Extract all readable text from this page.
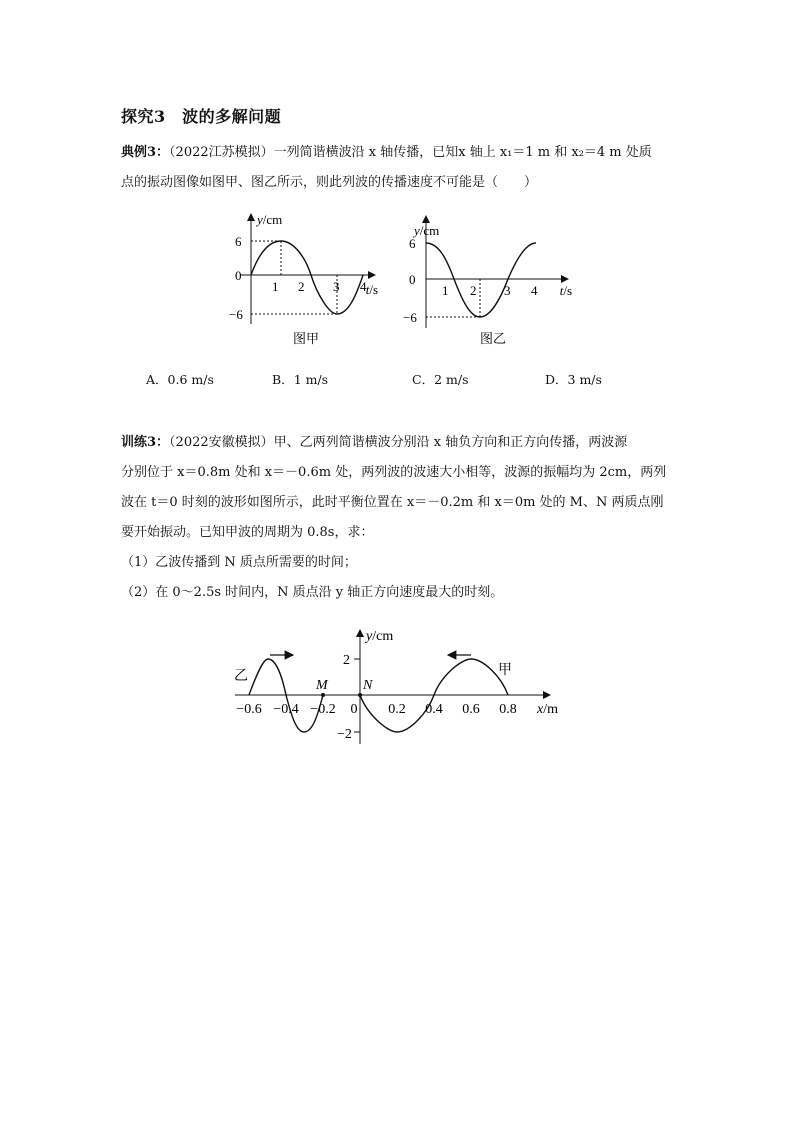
探究3　波的多解问题
典例3：（2022江苏模拟）一列简谐横波沿 x 轴传播，已知x 轴上 x₁＝1 m 和 x₂＝4 m 处质
点的振动图像如图甲、图乙所示，则此列波的传播速度不可能是（　　）
y/cm
6
0
−6
1 2 3 4 t/s
图甲
y/cm
6
0
−6
1 2 3 4 t/s
图乙
A．0.6 m/s	B．1 m/s	C．2 m/s	D．3 m/s
训练3：（2022安徽模拟）甲、乙两列简谐横波分别沿 x 轴负方向和正方向传播，两波源
分别位于 x＝0.8m 处和 x＝－0.6m 处，两列波的波速大小相等，波源的振幅均为 2cm，两列
波在 t＝0 时刻的波形如图所示，此时平衡位置在 x＝－0.2m 和 x＝0m 处的 M、N 两质点刚
要开始振动。已知甲波的周期为 0.8s，求：
（1）乙波传播到 N 质点所需要的时间；
（2）在 0～2.5s 时间内，N 质点沿 y 轴正方向速度最大的时刻。
y/cm
2
−2
乙	甲
M	N
−0.6 −0.4 −0.2 0 0.2 0.4 0.6 0.8 x/m
